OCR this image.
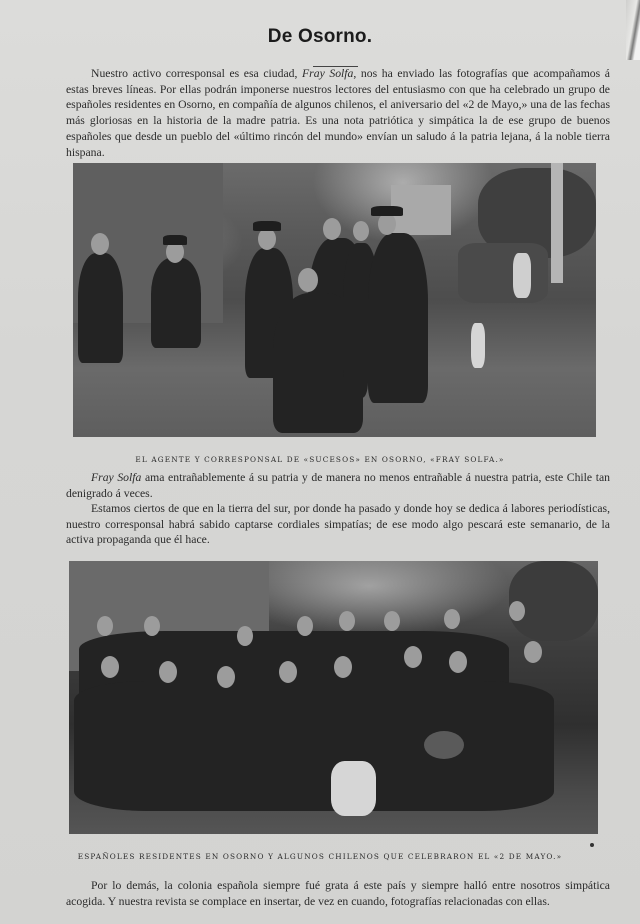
De Osorno.

Nuestro activo corresponsal es esa ciudad, Fray Solfa, nos ha enviado las fotografías que acompañamos á estas breves líneas. Por ellas podrán imponerse nuestros lectores del entusiasmo con que ha celebrado un grupo de españoles residentes en Osorno, en compañía de algunos chilenos, el aniversario del «2 de Mayo,» una de las fechas más gloriosas en la historia de la madre patria. Es una nota patriótica y simpática la de ese grupo de buenos españoles que desde un pueblo del «último rincón del mundo» envían un saludo á la patria lejana, á la noble tierra hispana.

EL AGENTE Y CORRESPONSAL DE «SUCESOS» EN OSORNO, «FRAY SOLFA.»

Fray Solfa ama entrañablemente á su patria y de manera no menos entrañable á nuestra patria, este Chile tan denigrado á veces.

Estamos ciertos de que en la tierra del sur, por donde ha pasado y donde hoy se dedica á labores periodísticas, nuestro corresponsal habrá sabido captarse cordiales simpatías; de ese modo algo pescará este semanario, de la activa propaganda que él hace.

ESPAÑOLES RESIDENTES EN OSORNO Y ALGUNOS CHILENOS QUE CELEBRARON EL «2 DE MAYO.»

Por lo demás, la colonia española siempre fué grata á este país y siempre halló entre nosotros simpática acogida. Y nuestra revista se complace en insertar, de vez en cuando, fotografías relacionadas con ellas.
